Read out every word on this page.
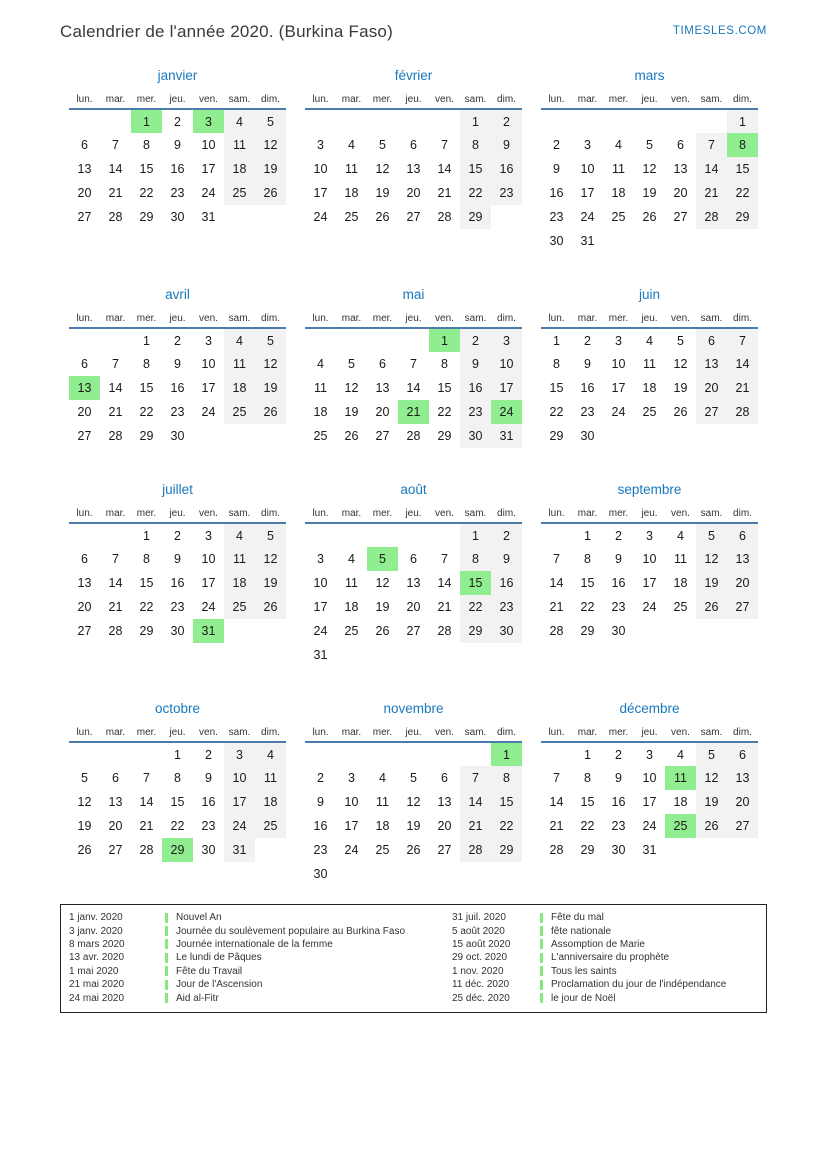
Calendrier de l'année 2020. (Burkina Faso)	TIMESLES.COM
janvier
lun.	mar.	mer.	jeu.	ven.	sam.	dim.
		1	2	3	4	5
6	7	8	9	10	11	12
13	14	15	16	17	18	19
20	21	22	23	24	25	26
27	28	29	30	31		
février
lun.	mar.	mer.	jeu.	ven.	sam.	dim.
					1	2
3	4	5	6	7	8	9
10	11	12	13	14	15	16
17	18	19	20	21	22	23
24	25	26	27	28	29	
mars
lun.	mar.	mer.	jeu.	ven.	sam.	dim.
						1
2	3	4	5	6	7	8
9	10	11	12	13	14	15
16	17	18	19	20	21	22
23	24	25	26	27	28	29
30	31					
avril
lun.	mar.	mer.	jeu.	ven.	sam.	dim.
		1	2	3	4	5
6	7	8	9	10	11	12
13	14	15	16	17	18	19
20	21	22	23	24	25	26
27	28	29	30			
mai
lun.	mar.	mer.	jeu.	ven.	sam.	dim.
				1	2	3
4	5	6	7	8	9	10
11	12	13	14	15	16	17
18	19	20	21	22	23	24
25	26	27	28	29	30	31
juin
lun.	mar.	mer.	jeu.	ven.	sam.	dim.
1	2	3	4	5	6	7
8	9	10	11	12	13	14
15	16	17	18	19	20	21
22	23	24	25	26	27	28
29	30					
juillet
lun.	mar.	mer.	jeu.	ven.	sam.	dim.
		1	2	3	4	5
6	7	8	9	10	11	12
13	14	15	16	17	18	19
20	21	22	23	24	25	26
27	28	29	30	31		
août
lun.	mar.	mer.	jeu.	ven.	sam.	dim.
					1	2
3	4	5	6	7	8	9
10	11	12	13	14	15	16
17	18	19	20	21	22	23
24	25	26	27	28	29	30
31						
septembre
lun.	mar.	mer.	jeu.	ven.	sam.	dim.
	1	2	3	4	5	6
7	8	9	10	11	12	13
14	15	16	17	18	19	20
21	22	23	24	25	26	27
28	29	30				
octobre
lun.	mar.	mer.	jeu.	ven.	sam.	dim.
			1	2	3	4
5	6	7	8	9	10	11
12	13	14	15	16	17	18
19	20	21	22	23	24	25
26	27	28	29	30	31	
novembre
lun.	mar.	mer.	jeu.	ven.	sam.	dim.
						1
2	3	4	5	6	7	8
9	10	11	12	13	14	15
16	17	18	19	20	21	22
23	24	25	26	27	28	29
30						
décembre
lun.	mar.	mer.	jeu.	ven.	sam.	dim.
	1	2	3	4	5	6
7	8	9	10	11	12	13
14	15	16	17	18	19	20
21	22	23	24	25	26	27
28	29	30	31			
1 janv. 2020	Nouvel An
3 janv. 2020	Journée du soulèvement populaire au Burkina Faso
8 mars 2020	Journée internationale de la femme
13 avr. 2020	Le lundi de Pâques
1 mai 2020	Fête du Travail
21 mai 2020	Jour de l'Ascension
24 mai 2020	Aid al-Fitr
31 juil. 2020	Fête du mal
5 août 2020	fête nationale
15 août 2020	Assomption de Marie
29 oct. 2020	L'anniversaire du prophète
1 nov. 2020	Tous les saints
11 déc. 2020	Proclamation du jour de l'indépendance
25 déc. 2020	le jour de Noël
